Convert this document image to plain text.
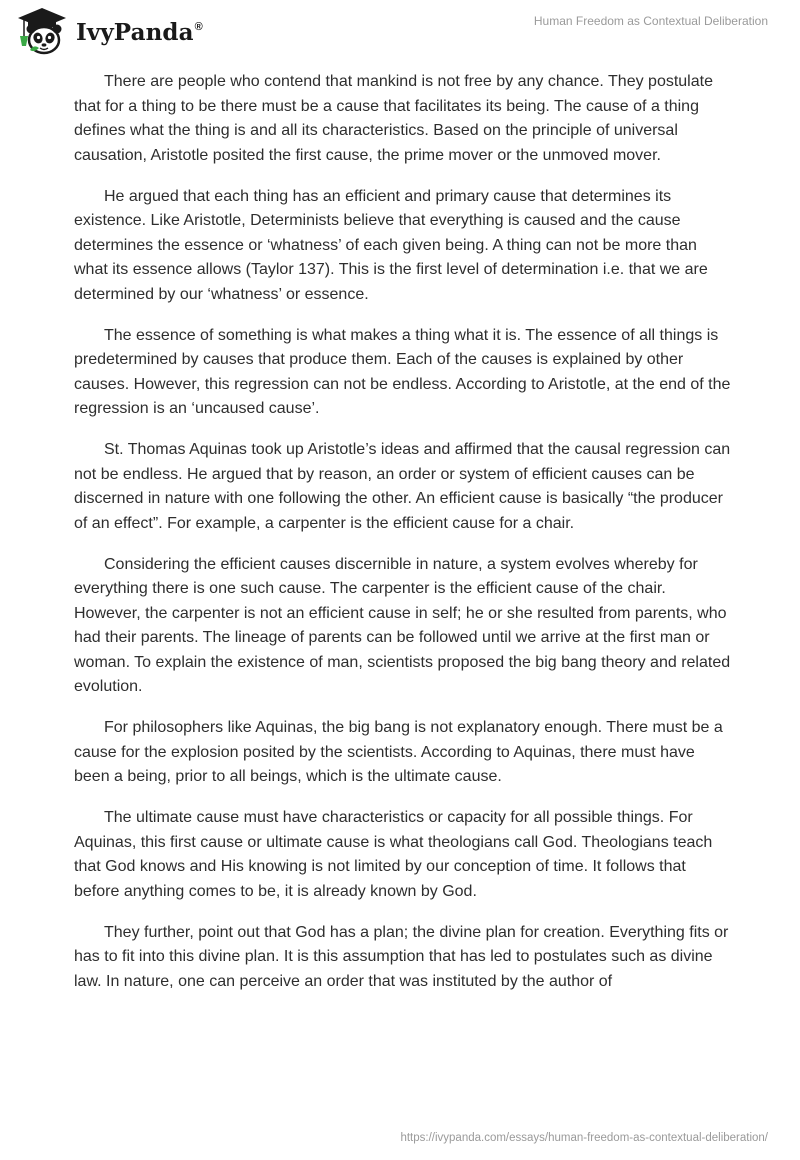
IvyPanda®	Human Freedom as Contextual Deliberation

There are people who contend that mankind is not free by any chance. They postulate that for a thing to be there must be a cause that facilitates its being. The cause of a thing defines what the thing is and all its characteristics. Based on the principle of universal causation, Aristotle posited the first cause, the prime mover or the unmoved mover.

He argued that each thing has an efficient and primary cause that determines its existence. Like Aristotle, Determinists believe that everything is caused and the cause determines the essence or ‘whatness’ of each given being. A thing can not be more than what its essence allows (Taylor 137). This is the first level of determination i.e. that we are determined by our ‘whatness’ or essence.

The essence of something is what makes a thing what it is. The essence of all things is predetermined by causes that produce them. Each of the causes is explained by other causes. However, this regression can not be endless. According to Aristotle, at the end of the regression is an ‘uncaused cause’.

St. Thomas Aquinas took up Aristotle’s ideas and affirmed that the causal regression can not be endless. He argued that by reason, an order or system of efficient causes can be discerned in nature with one following the other. An efficient cause is basically “the producer of an effect”. For example, a carpenter is the efficient cause for a chair.

Considering the efficient causes discernible in nature, a system evolves whereby for everything there is one such cause. The carpenter is the efficient cause of the chair. However, the carpenter is not an efficient cause in self; he or she resulted from parents, who had their parents. The lineage of parents can be followed until we arrive at the first man or woman. To explain the existence of man, scientists proposed the big bang theory and related evolution.

For philosophers like Aquinas, the big bang is not explanatory enough. There must be a cause for the explosion posited by the scientists. According to Aquinas, there must have been a being, prior to all beings, which is the ultimate cause.

The ultimate cause must have characteristics or capacity for all possible things. For Aquinas, this first cause or ultimate cause is what theologians call God. Theologians teach that God knows and His knowing is not limited by our conception of time. It follows that before anything comes to be, it is already known by God.

They further, point out that God has a plan; the divine plan for creation. Everything fits or has to fit into this divine plan. It is this assumption that has led to postulates such as divine law. In nature, one can perceive an order that was instituted by the author of

https://ivypanda.com/essays/human-freedom-as-contextual-deliberation/
